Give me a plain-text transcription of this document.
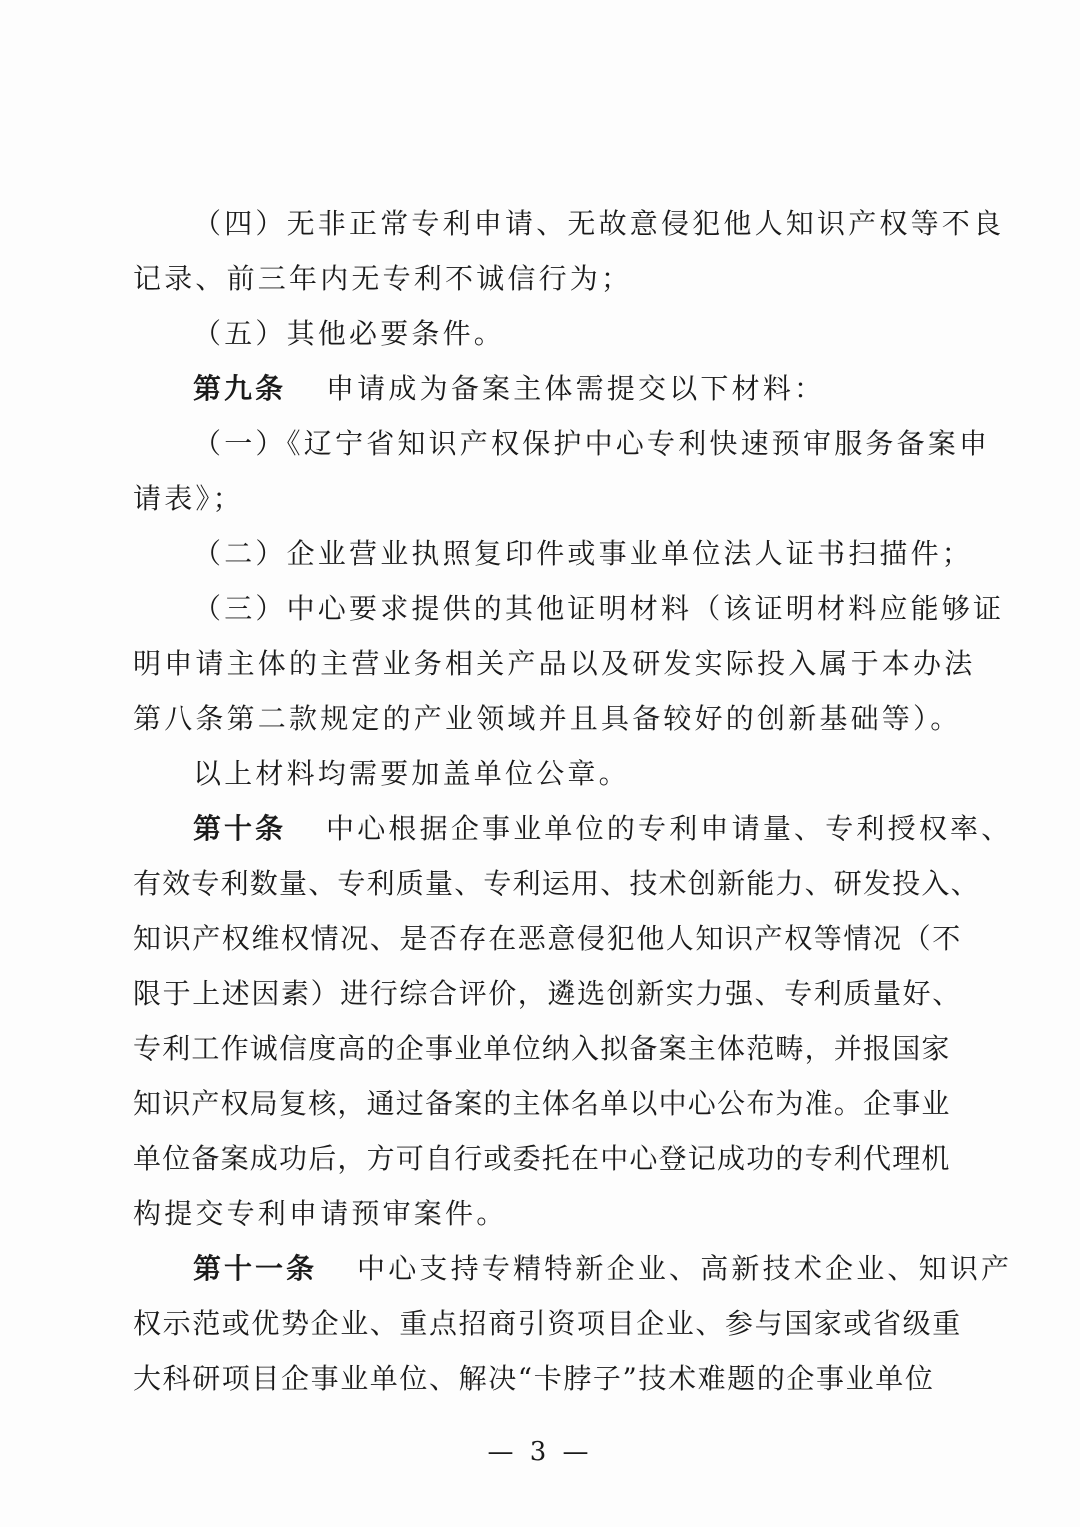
（四）无非正常专利申请、无故意侵犯他人知识产权等不良
记录、前三年内无专利不诚信行为；
（五）其他必要条件。
第九条 申请成为备案主体需提交以下材料：
（一）《辽宁省知识产权保护中心专利快速预审服务备案申
请表》；
（二）企业营业执照复印件或事业单位法人证书扫描件；
（三）中心要求提供的其他证明材料（该证明材料应能够证
明申请主体的主营业务相关产品以及研发实际投入属于本办法
第八条第二款规定的产业领域并且具备较好的创新基础等）。
以上材料均需要加盖单位公章。
第十条 中心根据企事业单位的专利申请量、专利授权率、
有效专利数量、专利质量、专利运用、技术创新能力、研发投入、
知识产权维权情况、是否存在恶意侵犯他人知识产权等情况（不
限于上述因素）进行综合评价，遴选创新实力强、专利质量好、
专利工作诚信度高的企事业单位纳入拟备案主体范畴，并报国家
知识产权局复核，通过备案的主体名单以中心公布为准。企事业
单位备案成功后，方可自行或委托在中心登记成功的专利代理机
构提交专利申请预审案件。
第十一条 中心支持专精特新企业、高新技术企业、知识产
权示范或优势企业、重点招商引资项目企业、参与国家或省级重
大科研项目企事业单位、解决“卡脖子”技术难题的企事业单位
— 3 —
